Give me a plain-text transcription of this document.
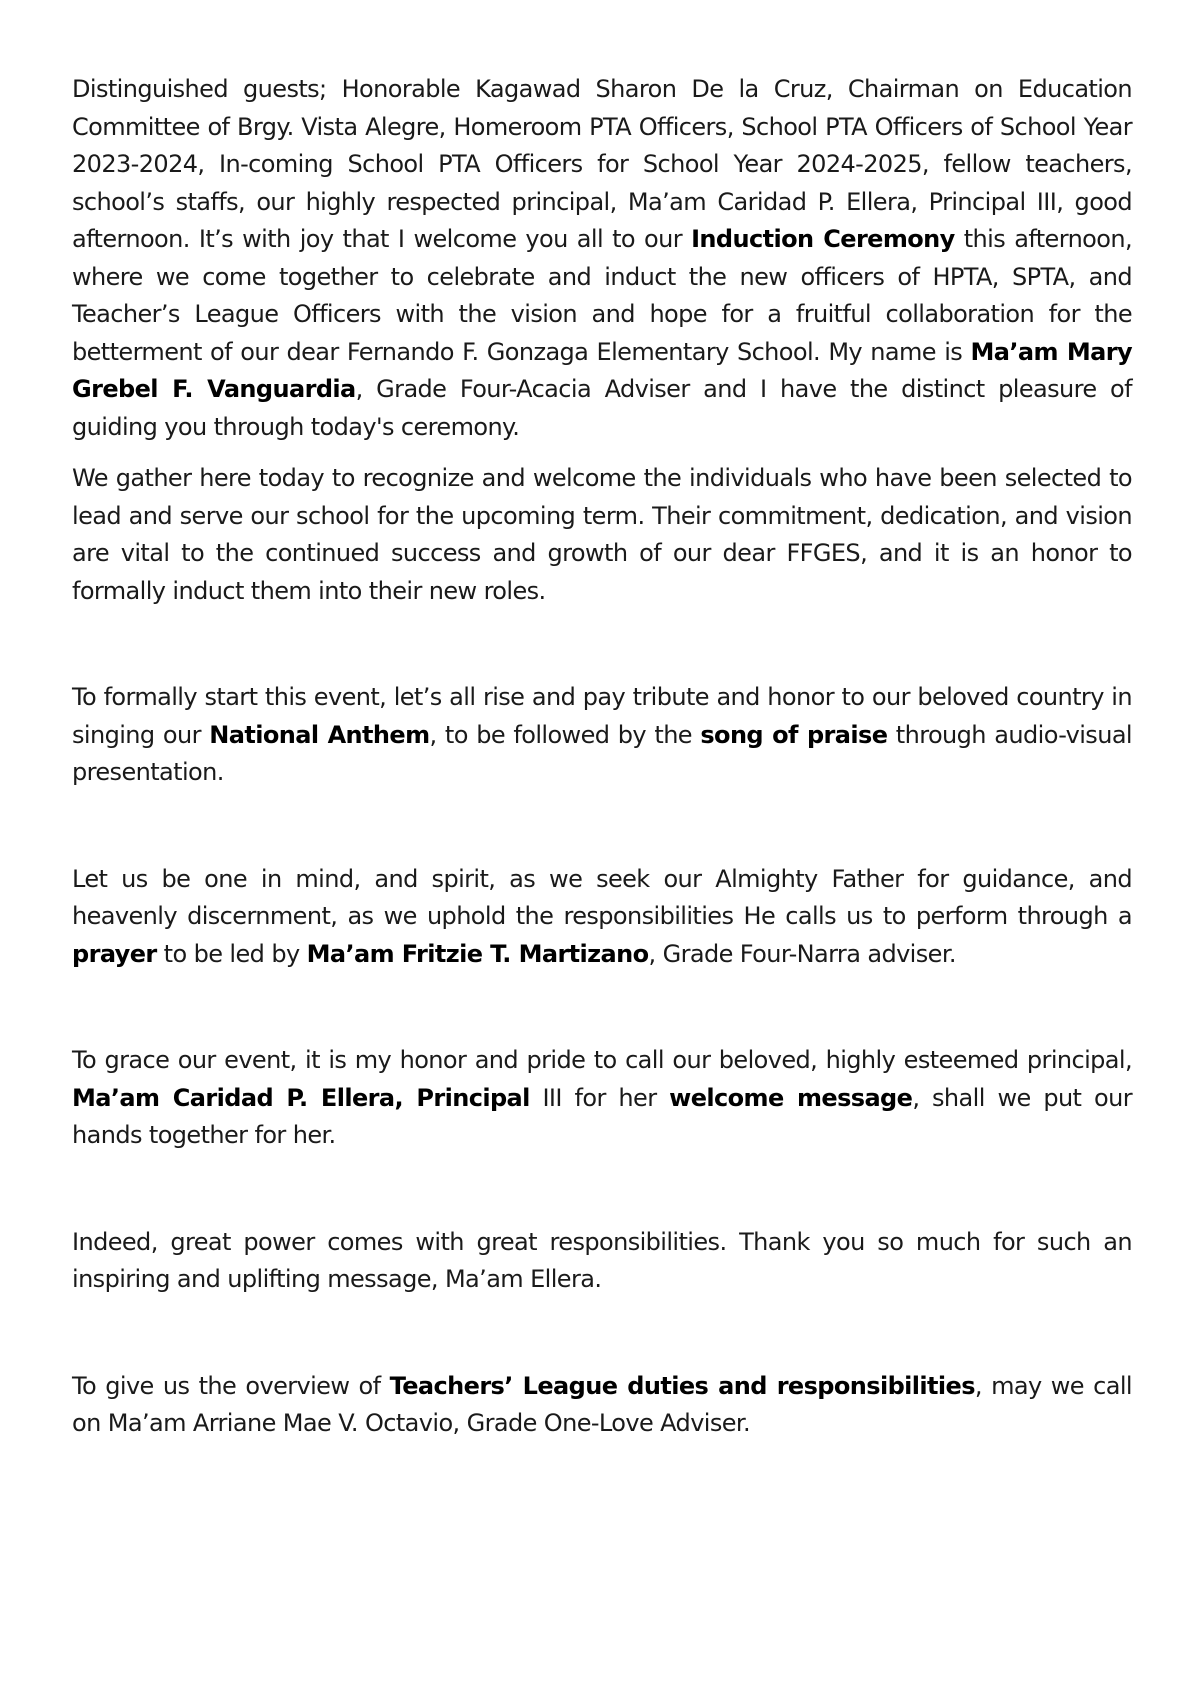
Distinguished guests; Honorable Kagawad Sharon De la Cruz, Chairman on Education Committee of Brgy. Vista Alegre, Homeroom PTA Officers, School PTA Officers of School Year 2023-2024, In-coming School PTA Officers for School Year 2024-2025, fellow teachers, school’s staffs, our highly respected principal, Ma’am Caridad P. Ellera, Principal III, good afternoon. It’s with joy that I welcome you all to our Induction Ceremony this afternoon, where we come together to celebrate and induct the new officers of HPTA, SPTA, and Teacher’s League Officers with the vision and hope for a fruitful collaboration for the betterment of our dear Fernando F. Gonzaga Elementary School. My name is Ma’am Mary Grebel F. Vanguardia, Grade Four-Acacia Adviser and I have the distinct pleasure of guiding you through today's ceremony.

We gather here today to recognize and welcome the individuals who have been selected to lead and serve our school for the upcoming term. Their commitment, dedication, and vision are vital to the continued success and growth of our dear FFGES, and it is an honor to formally induct them into their new roles.

To formally start this event, let’s all rise and pay tribute and honor to our beloved country in singing our National Anthem, to be followed by the song of praise through audio-visual presentation.

Let us be one in mind, and spirit, as we seek our Almighty Father for guidance, and heavenly discernment, as we uphold the responsibilities He calls us to perform through a prayer to be led by Ma’am Fritzie T. Martizano, Grade Four-Narra adviser.

To grace our event, it is my honor and pride to call our beloved, highly esteemed principal, Ma’am Caridad P. Ellera, Principal III for her welcome message, shall we put our hands together for her.

Indeed, great power comes with great responsibilities. Thank you so much for such an inspiring and uplifting message, Ma’am Ellera.

To give us the overview of Teachers’ League duties and responsibilities, may we call on Ma’am Arriane Mae V. Octavio, Grade One-Love Adviser.
